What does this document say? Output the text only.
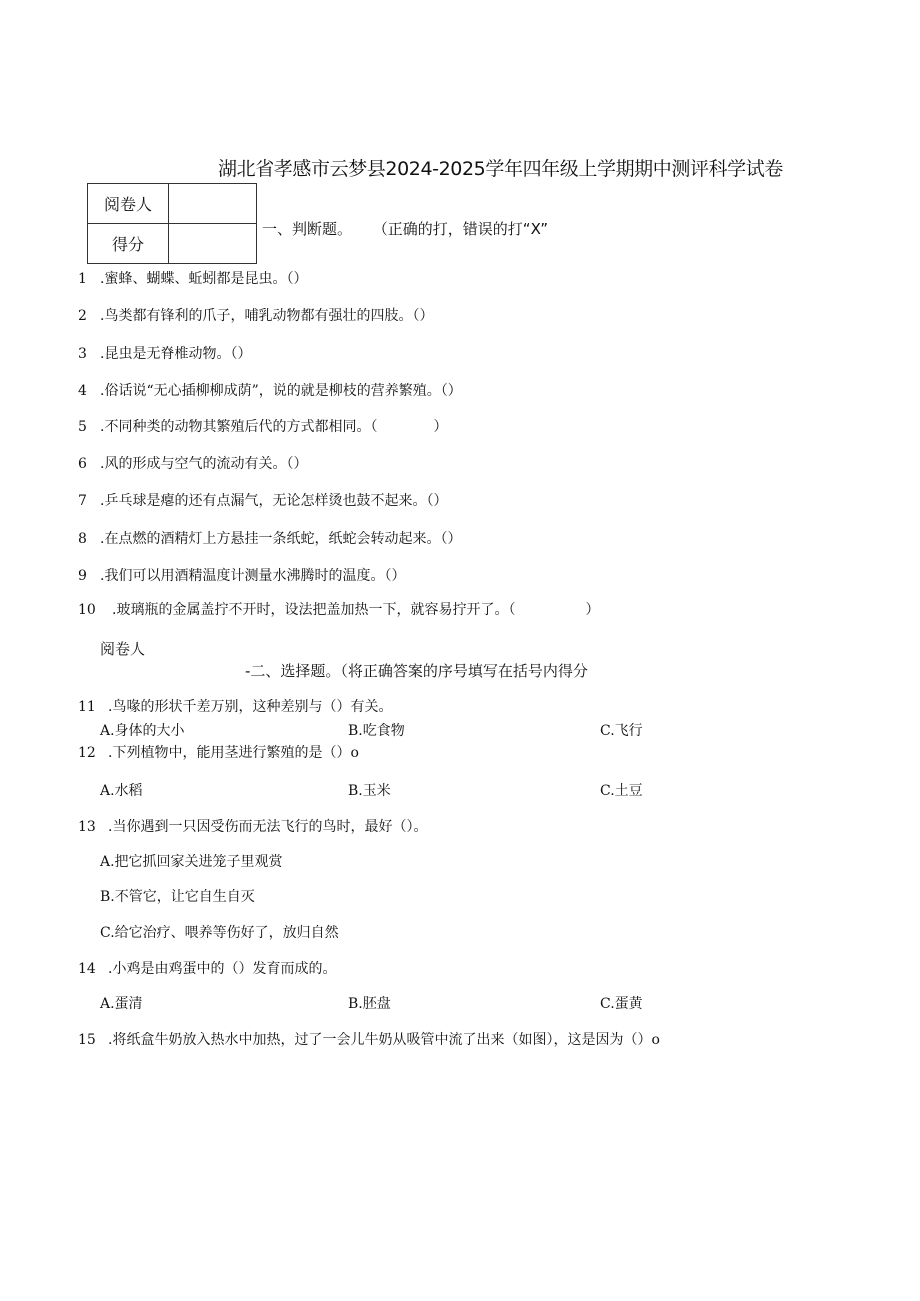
湖北省孝感市云梦县2024-2025学年四年级上学期期中测评科学试卷
阅卷人	
得分	
一、判断题。 （正确的打，错误的打“X”
1 .蜜蜂、蝴蝶、蚯蚓都是昆虫。（）
2 .鸟类都有锋利的爪子，哺乳动物都有强壮的四肢。（）
3 .昆虫是无脊椎动物。（）
4 .俗话说“无心插柳柳成荫”，说的就是柳枝的营养繁殖。（）
5 .不同种类的动物其繁殖后代的方式都相同。（　　　　）
6 .风的形成与空气的流动有关。（）
7 .乒乓球是瘪的还有点漏气，无论怎样烫也鼓不起来。（）
8 .在点燃的酒精灯上方悬挂一条纸蛇，纸蛇会转动起来。（）
9 .我们可以用酒精温度计测量水沸腾时的温度。（）
10 .玻璃瓶的金属盖拧不开时，设法把盖加热一下，就容易拧开了。（　　　　　）
阅卷人
-二、选择题。（将正确答案的序号填写在括号内得分
11 .鸟喙的形状千差万别，这种差别与（）有关。
A.身体的大小	B.吃食物	C.飞行
12 .下列植物中，能用茎进行繁殖的是（）o
A.水稻	B.玉米	C.土豆
13 .当你遇到一只因受伤而无法飞行的鸟时，最好（）。
A.把它抓回家关进笼子里观赏
B.不管它，让它自生自灭
C.给它治疗、喂养等伤好了，放归自然
14 .小鸡是由鸡蛋中的（）发育而成的。
A.蛋清	B.胚盘	C.蛋黄
15 .将纸盒牛奶放入热水中加热，过了一会儿牛奶从吸管中流了出来（如图），这是因为（）o
